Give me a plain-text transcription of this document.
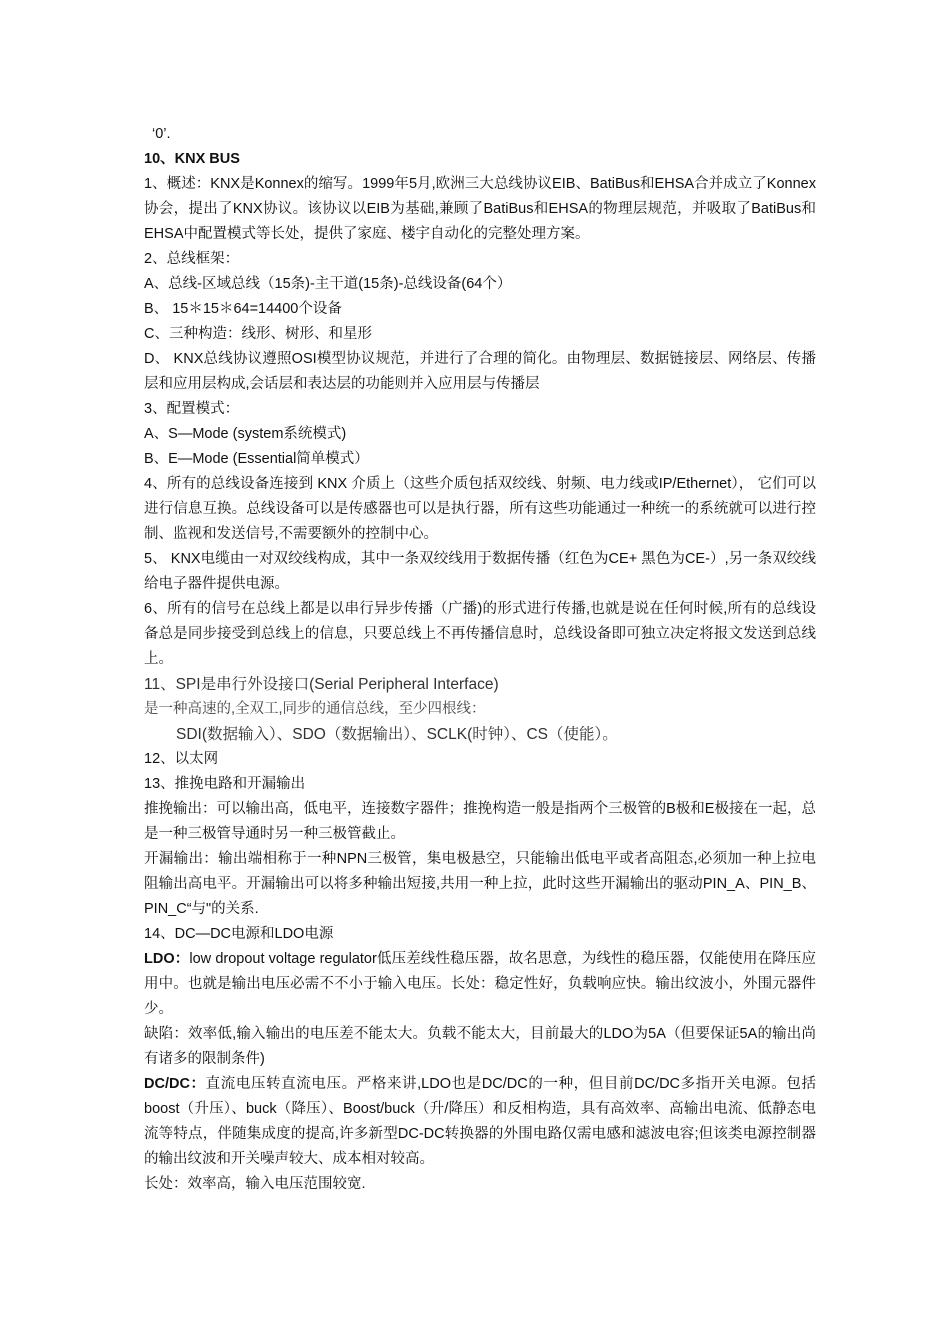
‘0’.

10、KNX BUS

1、概述：KNX是Konnex的缩写。1999年5月,欧洲三大总线协议EIB、BatiBus和EHSA合并成立了Konnex协会，提出了KNX协议。该协议以EIB为基础,兼顾了BatiBus和EHSA的物理层规范，并吸取了BatiBus和EHSA中配置模式等长处，提供了家庭、楼宇自动化的完整处理方案。

2、总线框架：

A、总线-区域总线（15条)-主干道(15条)-总线设备(64个）

B、 15＊15＊64=14400个设备

C、三种构造：线形、树形、和星形

D、 KNX总线协议遵照OSI模型协议规范，并进行了合理的简化。由物理层、数据链接层、网络层、传播层和应用层构成,会话层和表达层的功能则并入应用层与传播层

3、配置模式：

A、S—Mode (system系统模式)

B、E—Mode (Essential简单模式）

4、所有的总线设备连接到 KNX 介质上（这些介质包括双绞线、射频、电力线或IP/Ethernet）， 它们可以进行信息互换。总线设备可以是传感器也可以是执行器，所有这些功能通过一种统一的系统就可以进行控制、监视和发送信号,不需要额外的控制中心。

5、 KNX电缆由一对双绞线构成，其中一条双绞线用于数据传播（红色为CE+ 黑色为CE-）,另一条双绞线给电子器件提供电源。

6、所有的信号在总线上都是以串行异步传播（广播)的形式进行传播,也就是说在任何时候,所有的总线设备总是同步接受到总线上的信息，只要总线上不再传播信息时，总线设备即可独立决定将报文发送到总线上。

11、SPI是串行外设接口(Serial Peripheral Interface)

是一种高速的,全双工,同步的通信总线，至少四根线：

SDI(数据输入）、SDO（数据输出）、SCLK(时钟）、CS（使能）。

12、以太网

13、推挽电路和开漏输出

推挽输出：可以输出高，低电平，连接数字器件；推挽构造一般是指两个三极管的B极和E极接在一起，总是一种三极管导通时另一种三极管截止。

开漏输出：输出端相称于一种NPN三极管，集电极悬空，只能输出低电平或者高阻态,必须加一种上拉电阻输出高电平。开漏输出可以将多种输出短接,共用一种上拉，此时这些开漏输出的驱动PIN_A、PIN_B、PIN_C“与"的关系.

14、DC—DC电源和LDO电源

LDO：low dropout voltage regulator低压差线性稳压器，故名思意，为线性的稳压器，仅能使用在降压应用中。也就是输出电压必需不不小于输入电压。长处：稳定性好，负载响应快。输出纹波小，外围元器件少。

缺陷：效率低,输入输出的电压差不能太大。负载不能太大，目前最大的LDO为5A（但要保证5A的输出尚有诸多的限制条件)

DC/DC：直流电压转直流电压。严格来讲,LDO也是DC/DC的一种，但目前DC/DC多指开关电源。包括boost（升压）、buck（降压）、Boost/buck（升/降压）和反相构造，具有高效率、高输出电流、低静态电流等特点，伴随集成度的提高,许多新型DC-DC转换器的外围电路仅需电感和滤波电容;但该类电源控制器的输出纹波和开关噪声较大、成本相对较高。

长处：效率高，输入电压范围较宽.
